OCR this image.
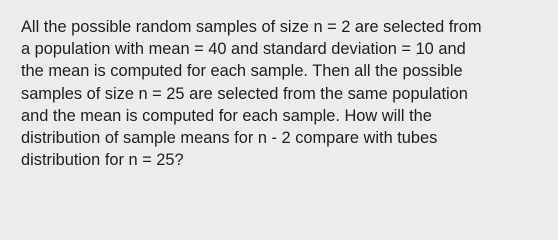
All the possible random samples of size n = 2 are selected from
a population with mean = 40 and standard deviation = 10 and
the mean is computed for each sample. Then all the possible
samples of size n = 25 are selected from the same population
and the mean is computed for each sample. How will the
distribution of sample means for n - 2 compare with tubes
distribution for n = 25?
